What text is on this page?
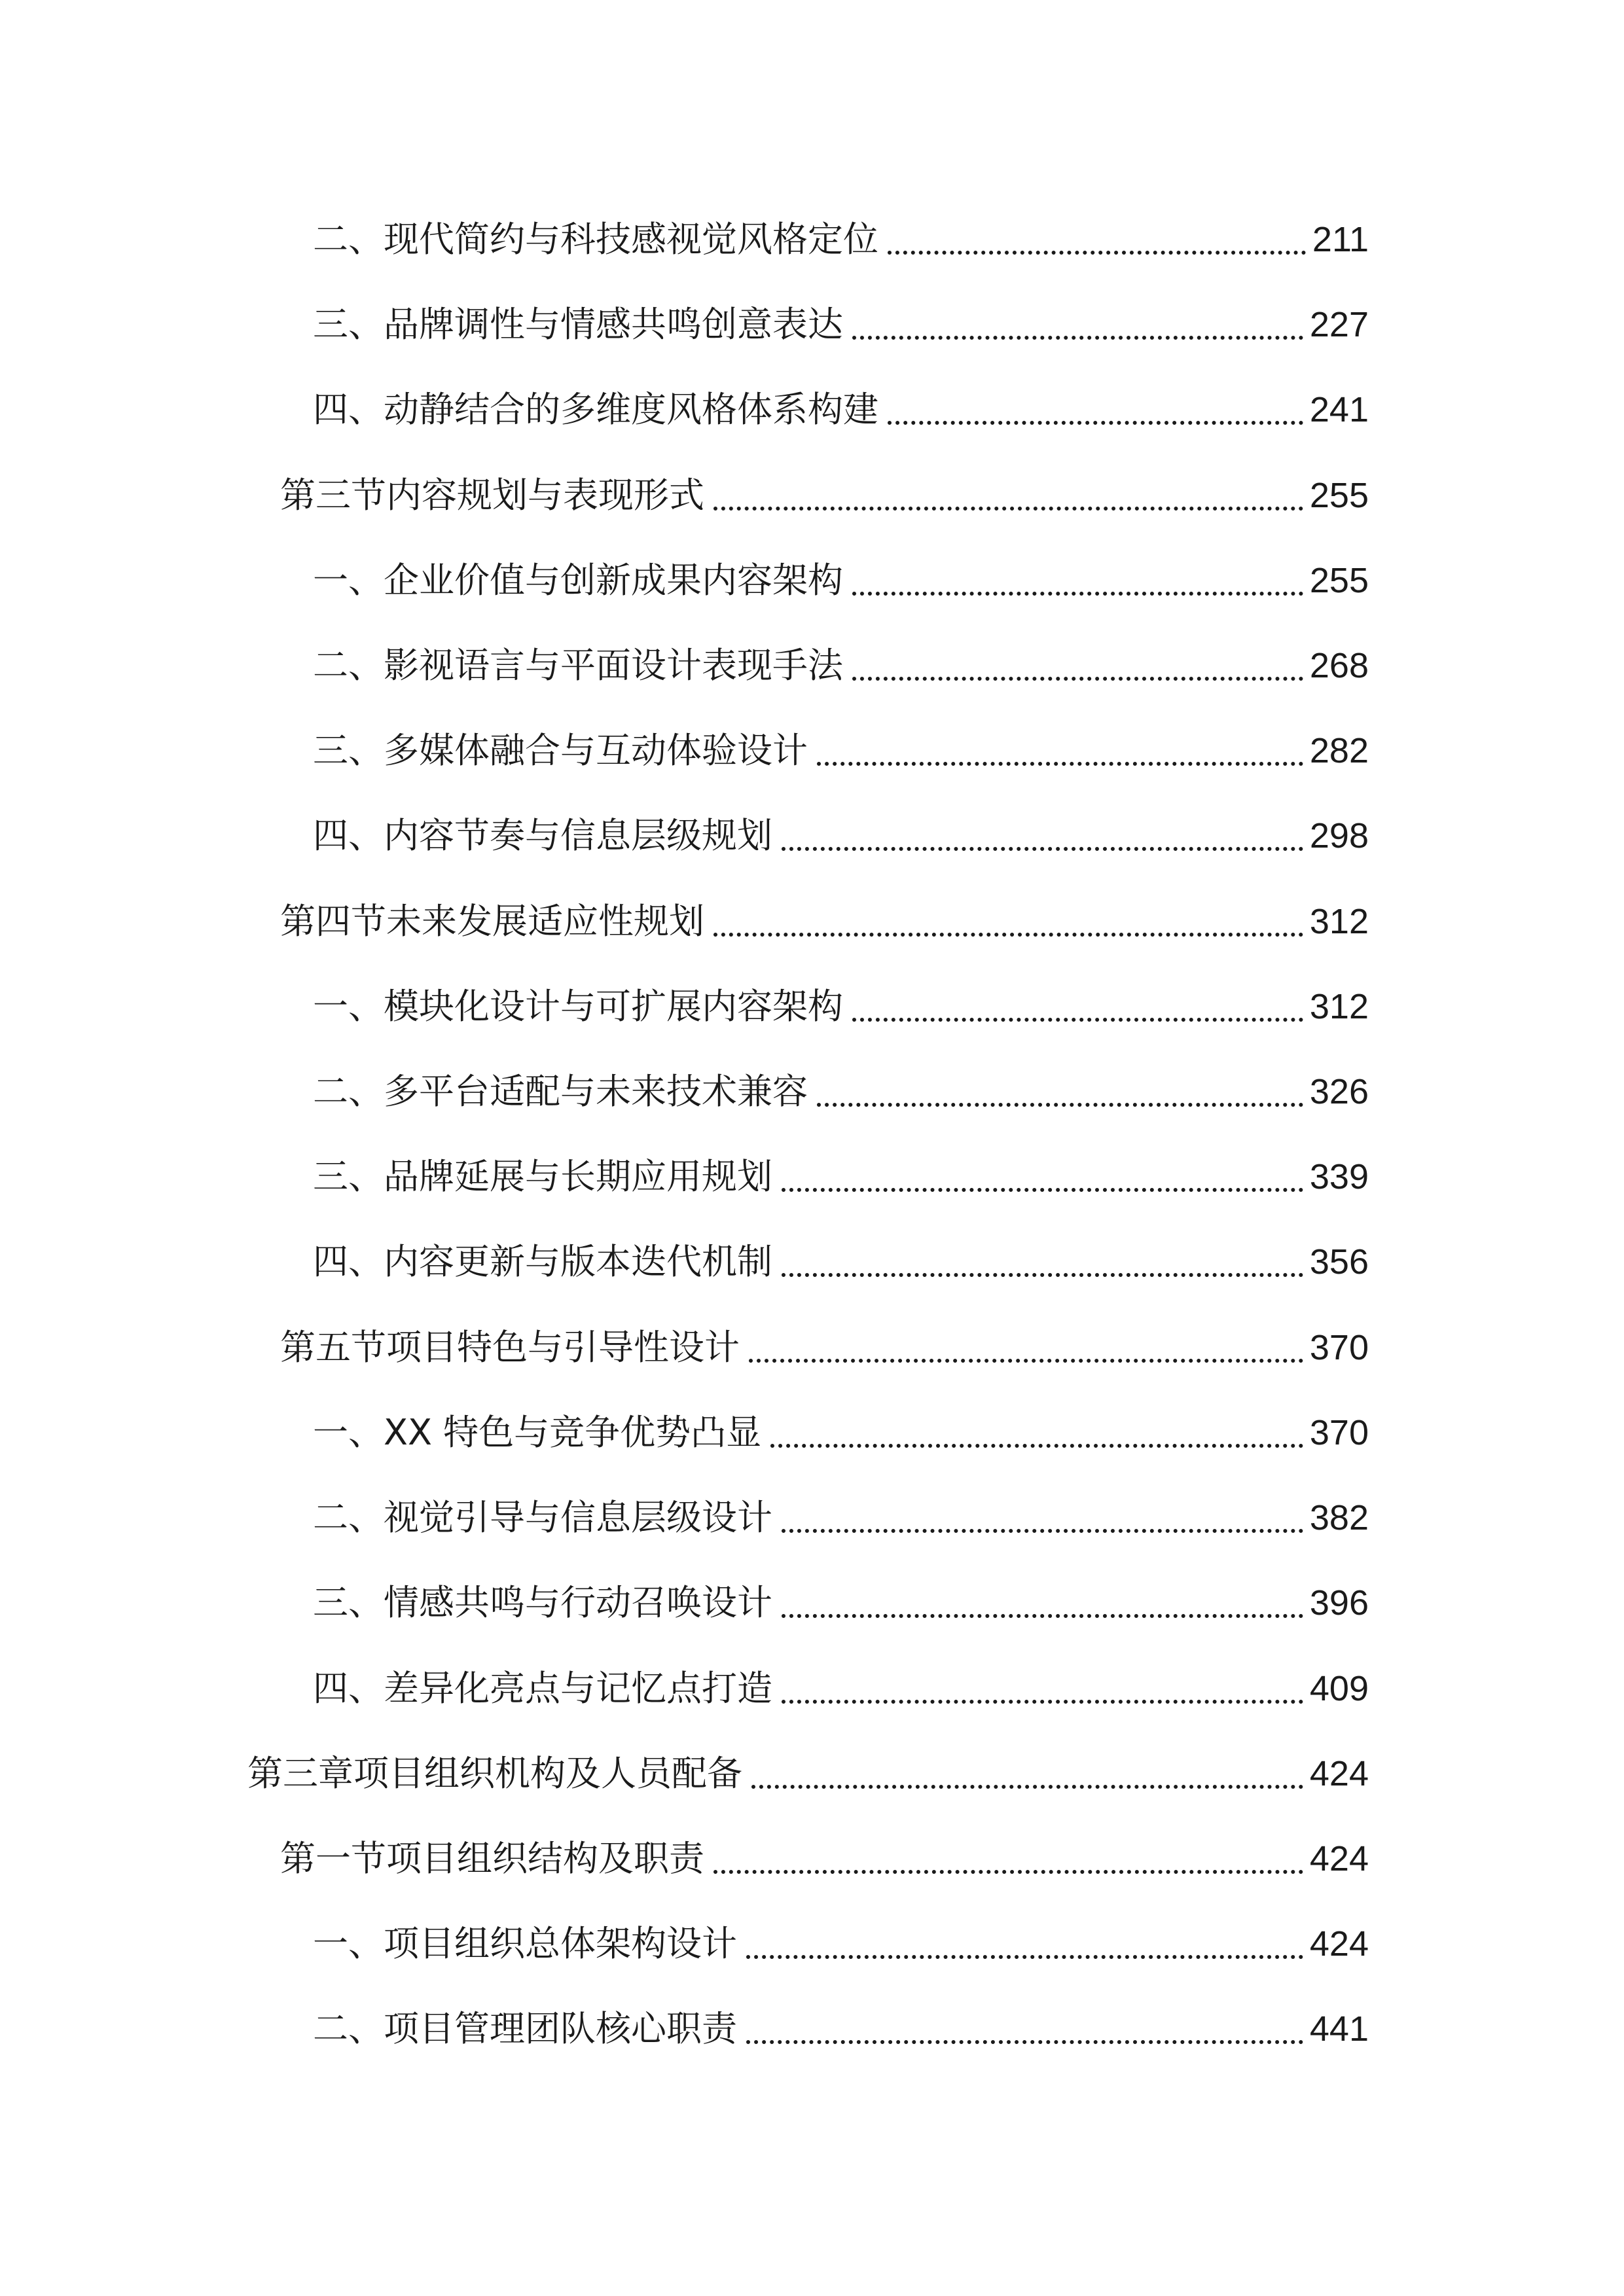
二、现代简约与科技感视觉风格定位	211
三、品牌调性与情感共鸣创意表达	227
四、动静结合的多维度风格体系构建	241
第三节内容规划与表现形式	255
一、企业价值与创新成果内容架构	255
二、影视语言与平面设计表现手法	268
三、多媒体融合与互动体验设计	282
四、内容节奏与信息层级规划	298
第四节未来发展适应性规划	312
一、模块化设计与可扩展内容架构	312
二、多平台适配与未来技术兼容	326
三、品牌延展与长期应用规划	339
四、内容更新与版本迭代机制	356
第五节项目特色与引导性设计	370
一、XX 特色与竞争优势凸显	370
二、视觉引导与信息层级设计	382
三、情感共鸣与行动召唤设计	396
四、差异化亮点与记忆点打造	409
第三章项目组织机构及人员配备	424
第一节项目组织结构及职责	424
一、项目组织总体架构设计	424
二、项目管理团队核心职责	441
